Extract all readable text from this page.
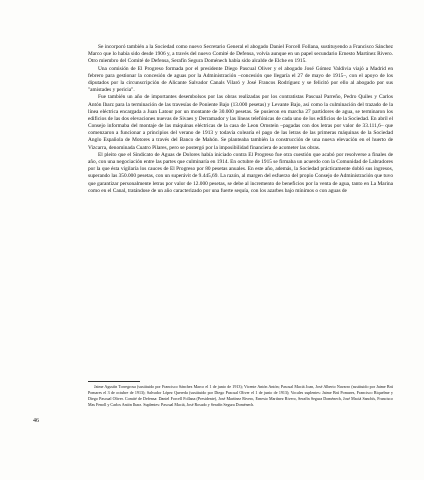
Se incorporó también a la Sociedad como nuevo Secretario General el abogado Daniel Forcell Follana, sustituyendo a Francisco Sánchez Marco que lo había sido desde 1906 y, a través del nuevo Comité de Defensa, volvía aunque en un papel secundario Ernesto Martínez Rivero. Otro miembro del Comité de Defensa, Serafín Segura Doménech había sido alcalde de Elche en 1915.

Una comisión de El Progreso formada por el presidente Diego Pascual Oliver y el abogado José Gómez Valdivia viajó a Madrid en febrero para gestionar la concesión de aguas por la Administración –concesión que llegaría el 27 de mayo de 1915–, con el apoyo de los diputados por la circunscripción de Alicante Salvador Canals Vilaró y José Francos Rodríguez y se felicitó por ello al abogado por sus "amistades y pericia".

Fue también un año de importantes desembolsos por las obras realizadas por los contratistas Pascual Parreño, Pedro Quiles y Carlos Antón Ibarz para la terminación de las travesías de Poniente Bajo (13.000 pesetas) y Levante Bajo, así como la culminación del trazado de la línea eléctrica encargada a Juan Latour por un montante de 30.000 pesetas. Se pusieron en marcha 27 partidores de agua, se terminaron los edificios de las dos elevaciones nuevas de Sivaes y Derramador y las líneas telefónicas de cada uno de los edificios de la Sociedad. En abril el Consejo informaba del montaje de las máquinas eléctricas de la casa de Leon Ornstein –pagadas con dos letras por valor de 33.111,6– que comenzaron a funcionar a principios del verano de 1913 y todavía colearía el pago de las letras de las primeras máquinas de la Sociedad Anglo Española de Motores a través del Banco de Mahón. Se planteaba también la construcción de una nueva elevación en el huerto de Vizcarra, denominada Cuatro Pilares, pero se postergó por la imposibilidad financiera de acometer las obras.

El pleito que el Sindicato de Aguas de Dolores había iniciado contra El Progreso fue otra cuestión que acabó por resolverse a finales de año, con una negociación entre las partes que culminaría en 1914. En octubre de 1915 se firmaba un acuerdo con la Comunidad de Labradores por la que ésta vigilaría los cauces de El Progreso por 80 pesetas anuales. En este año, además, la Sociedad prácticamente dobló sus ingresos, superando las 350.000 pesetas, con un superávit de 9.445,69. La razón, al margen del esfuerzo del propio Consejo de Administración que tuvo que garantizar personalmente letras por valor de 12.000 pesetas, se debe al incremento de beneficios por la venta de agua, tanto en La Marina como en el Canal, tratándose de un año caracterizado por una fuerte sequía, con los azarbes bajo mínimos o con aguas de

Jaime Agustín Torregrosa (sustituido por Francisco Sánchez Marco el 1 de junio de 1913); Vicente Antón Antón; Pascual Maciá Joan, José Alberto Navarro (sustituido por Jaime Brú Pomares el 3 de octubre de 1913); Salvador López Quereda (sustituido por Diego Pascual Oliver el 1 de junio de 1913); Vocales suplentes: Jaime Brú Pomares, Francisco Riquelme y Diego Pascual Oliver. Comité de Defensa: Daniel Forcell Follana (Presidente), José Martínez Rivero, Ernesto Martínez Rivero, Serafín Segura Doménech, José Maciá Sanchís, Francisco Mas Fenoll y Carlos Antón Ibarz. Suplentes: Pascual Maciá, José Rosado y Serafín Segura Doménech.

46
